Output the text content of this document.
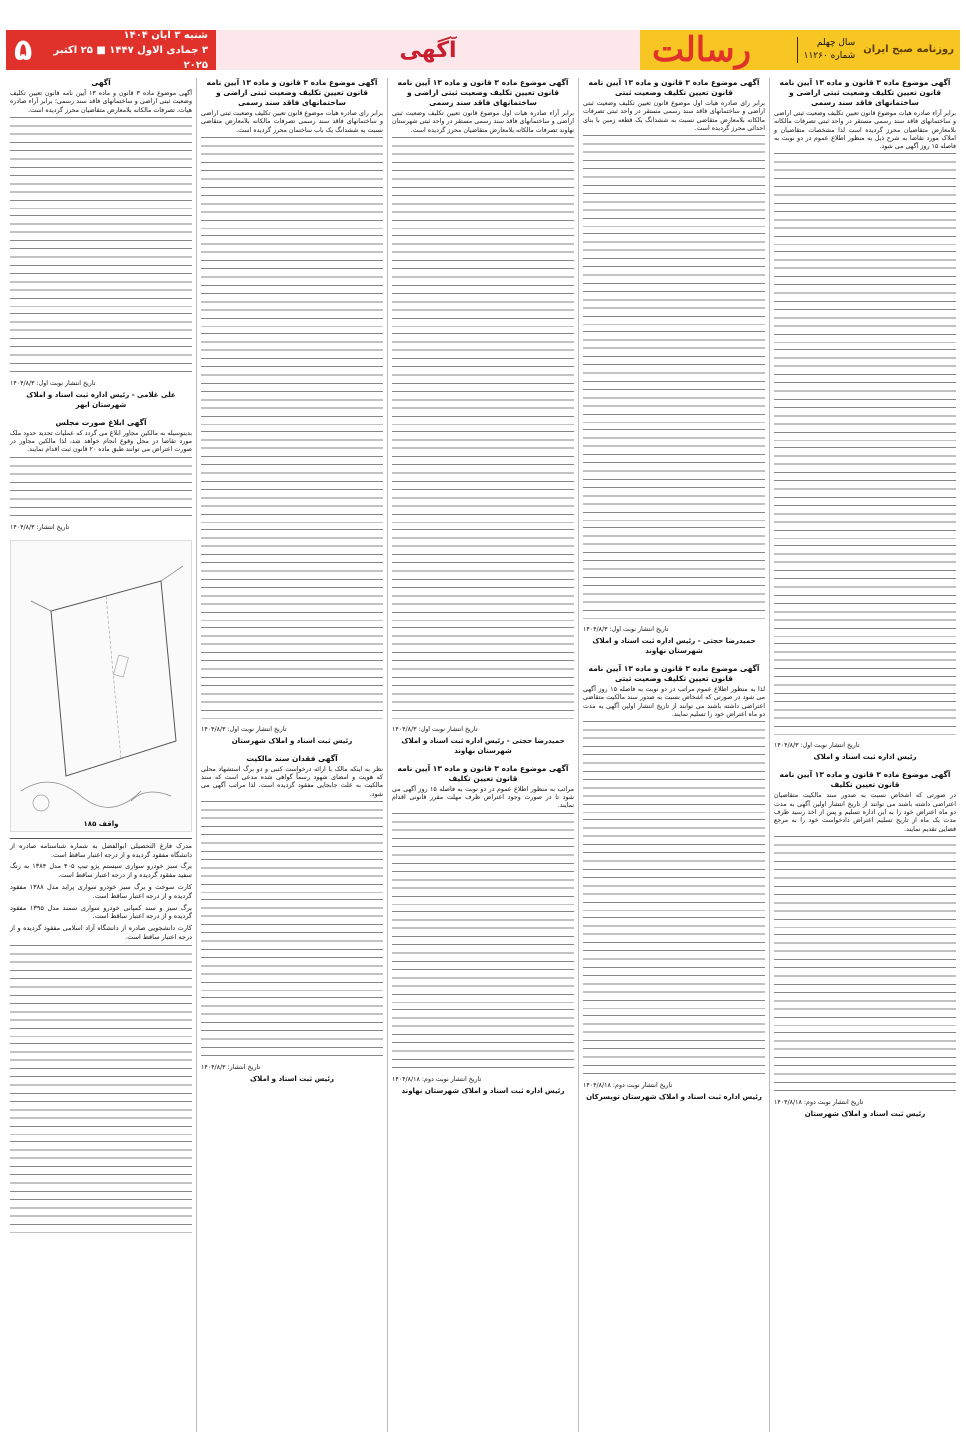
روزنامه صبح ایران
سال چهلم
شماره ۱۱۲۶۰
رسالت
آگهی
شنبه ۳ آبان ۱۴۰۴
۳ جمادی الاول ۱۴۴۷ ■ ۲۵ اکتبر ۲۰۲۵
۵
آگهی موضوع ماده ۳ قانون و ماده ۱۳ آیین نامه قانون تعیین تکلیف وضعیت ثبتی اراضی و ساختمانهای فاقد سند رسمی
برابر آراء صادره هیات موضوع قانون تعیین تکلیف وضعیت ثبتی اراضی و ساختمانهای فاقد سند رسمی مستقر در واحد ثبتی تصرفات مالکانه بلامعارض متقاضیان محرز گردیده است لذا مشخصات متقاضیان و املاک مورد تقاضا به شرح ذیل به منظور اطلاع عموم در دو نوبت به فاصله ۱۵ روز آگهی می شود.
تاریخ انتشار نوبت اول: ۱۴۰۴/۸/۳
رئیس اداره ثبت اسناد و املاک
آگهی موضوع ماده ۳ قانون و ماده ۱۳ آیین نامه قانون تعیین تکلیف
در صورتی که اشخاص نسبت به صدور سند مالکیت متقاضیان اعتراضی داشته باشند می توانند از تاریخ انتشار اولین آگهی به مدت دو ماه اعتراض خود را به این اداره تسلیم و پس از اخذ رسید ظرف مدت یک ماه از تاریخ تسلیم اعتراض دادخواست خود را به مرجع قضایی تقدیم نمایند.
تاریخ انتشار نوبت دوم: ۱۴۰۴/۸/۱۸
رئیس ثبت اسناد و املاک شهرستان
آگهی موضوع ماده ۳ قانون و ماده ۱۳ آیین نامه قانون تعیین تکلیف وضعیت ثبتی
برابر رای صادره هیات اول موضوع قانون تعیین تکلیف وضعیت ثبتی اراضی و ساختمانهای فاقد سند رسمی مستقر در واحد ثبتی تصرفات مالکانه بلامعارض متقاضی نسبت به ششدانگ یک قطعه زمین با بنای احداثی محرز گردیده است.
تاریخ انتشار نوبت اول: ۱۴۰۴/۸/۳
حمیدرضا حجتی - رئیس اداره ثبت اسناد و املاک شهرستان نهاوند
آگهی موضوع ماده ۳ قانون و ماده ۱۳ آیین نامه قانون تعیین تکلیف وضعیت ثبتی
لذا به منظور اطلاع عموم مراتب در دو نوبت به فاصله ۱۵ روز آگهی می شود در صورتی که اشخاص نسبت به صدور سند مالکیت متقاضی اعتراضی داشته باشند می توانند از تاریخ انتشار اولین آگهی به مدت دو ماه اعتراض خود را تسلیم نمایند.
تاریخ انتشار نوبت دوم: ۱۴۰۴/۸/۱۸
رئیس اداره ثبت اسناد و املاک شهرستان تویسرکان
آگهی موضوع ماده ۳ قانون و ماده ۱۳ آیین نامه قانون تعیین تکلیف وضعیت ثبتی اراضی و ساختمانهای فاقد سند رسمی
برابر آراء صادره هیات اول موضوع قانون تعیین تکلیف وضعیت ثبتی اراضی و ساختمانهای فاقد سند رسمی مستقر در واحد ثبتی شهرستان نهاوند تصرفات مالکانه بلامعارض متقاضیان محرز گردیده است.
تاریخ انتشار نوبت اول: ۱۴۰۴/۸/۳
حمیدرضا حجتی - رئیس اداره ثبت اسناد و املاک شهرستان نهاوند
آگهی موضوع ماده ۳ قانون و ماده ۱۳ آیین نامه قانون تعیین تکلیف
مراتب به منظور اطلاع عموم در دو نوبت به فاصله ۱۵ روز آگهی می شود تا در صورت وجود اعتراض ظرف مهلت مقرر قانونی اقدام نمایند.
تاریخ انتشار نوبت دوم: ۱۴۰۴/۸/۱۸
رئیس اداره ثبت اسناد و املاک شهرستان نهاوند
آگهی موضوع ماده ۳ قانون و ماده ۱۳ آیین نامه قانون تعیین تکلیف وضعیت ثبتی اراضی و ساختمانهای فاقد سند رسمی
برابر رای صادره هیات موضوع قانون تعیین تکلیف وضعیت ثبتی اراضی و ساختمانهای فاقد سند رسمی تصرفات مالکانه بلامعارض متقاضی نسبت به ششدانگ یک باب ساختمان محرز گردیده است.
تاریخ انتشار نوبت اول: ۱۴۰۴/۸/۳
رئیس ثبت اسناد و املاک شهرستان
آگهی فقدان سند مالکیت
نظر به اینکه مالک با ارائه درخواست کتبی و دو برگ استشهاد محلی که هویت و امضای شهود رسماً گواهی شده مدعی است که سند مالکیت به علت جابجایی مفقود گردیده است، لذا مراتب آگهی می شود.
تاریخ انتشار: ۱۴۰۴/۸/۳
رئیس ثبت اسناد و املاک
آگهی
آگهی موضوع ماده ۳ قانون و ماده ۱۳ آیین نامه قانون تعیین تکلیف وضعیت ثبتی اراضی و ساختمانهای فاقد سند رسمی؛ برابر آراء صادره هیات، تصرفات مالکانه بلامعارض متقاضیان محرز گردیده است.
تاریخ انتشار نوبت اول: ۱۴۰۴/۸/۳
علی غلامی - رئیس اداره ثبت اسناد و املاک شهرستان ابهر
آگهی ابلاغ صورت مجلس
بدینوسیله به مالکین مجاور ابلاغ می گردد که عملیات تحدید حدود ملک مورد تقاضا در محل وقوع انجام خواهد شد، لذا مالکین مجاور در صورت اعتراض می توانند طبق ماده ۲۰ قانون ثبت اقدام نمایند.
تاریخ انتشار: ۱۴۰۴/۸/۳
واقف ۱۸۵
مدرک فارغ التحصیلی ابوالفضل به شماره شناسنامه صادره از دانشگاه مفقود گردیده و از درجه اعتبار ساقط است.
برگ سبز خودرو سواری سیستم پژو تیپ ۴۰۵ مدل ۱۳۸۴ به رنگ سفید مفقود گردیده و از درجه اعتبار ساقط است.
کارت سوخت و برگ سبز خودرو سواری پراید مدل ۱۳۸۸ مفقود گردیده و از درجه اعتبار ساقط است.
برگ سبز و سند کمپانی خودرو سواری سمند مدل ۱۳۹۵ مفقود گردیده و از درجه اعتبار ساقط است.
کارت دانشجویی صادره از دانشگاه آزاد اسلامی مفقود گردیده و از درجه اعتبار ساقط است.
